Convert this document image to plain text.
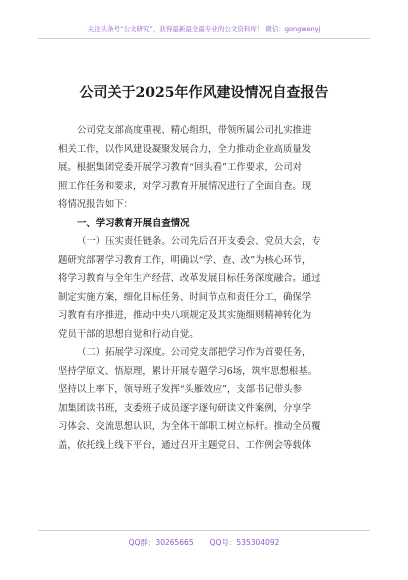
关注头条号“公文研究”，获得最新最全最专业的公文资料库！ 微信：gongwenyj
公司关于2025年作风建设情况自查报告
公司党支部高度重视、精心组织，带领所属公司扎实推进
相关工作，以作风建设凝聚发展合力，全力推动企业高质量发
展。根据集团党委开展学习教育“回头看”工作要求，公司对
照工作任务和要求，对学习教育开展情况进行了全面自查。现
将情况报告如下：
一、学习教育开展自查情况
（一）压实责任链条。公司先后召开支委会、党员大会，专
题研究部署学习教育工作，明确以“学、查、改”为核心环节，
将学习教育与全年生产经营、改革发展目标任务深度融合。通过
制定实施方案，细化目标任务、时间节点和责任分工，确保学
习教育有序推进，推动中央八项规定及其实施细则精神转化为
党员干部的思想自觉和行动自觉。
（二）拓展学习深度。公司党支部把学习作为首要任务，
坚持学原文、悟原理，累计开展专题学习6场，筑牢思想根基。
坚持以上率下，领导班子发挥“头雁效应”，支部书记带头参
加集团读书班，支委班子成员逐字逐句研读文件案例，分享学
习体会、交流思想认识，为全体干部职工树立标杆。推动全员覆
盖，依托线上线下平台，通过召开主题党日、工作例会等载体
QQ群：30265665 QQ号：535304092
